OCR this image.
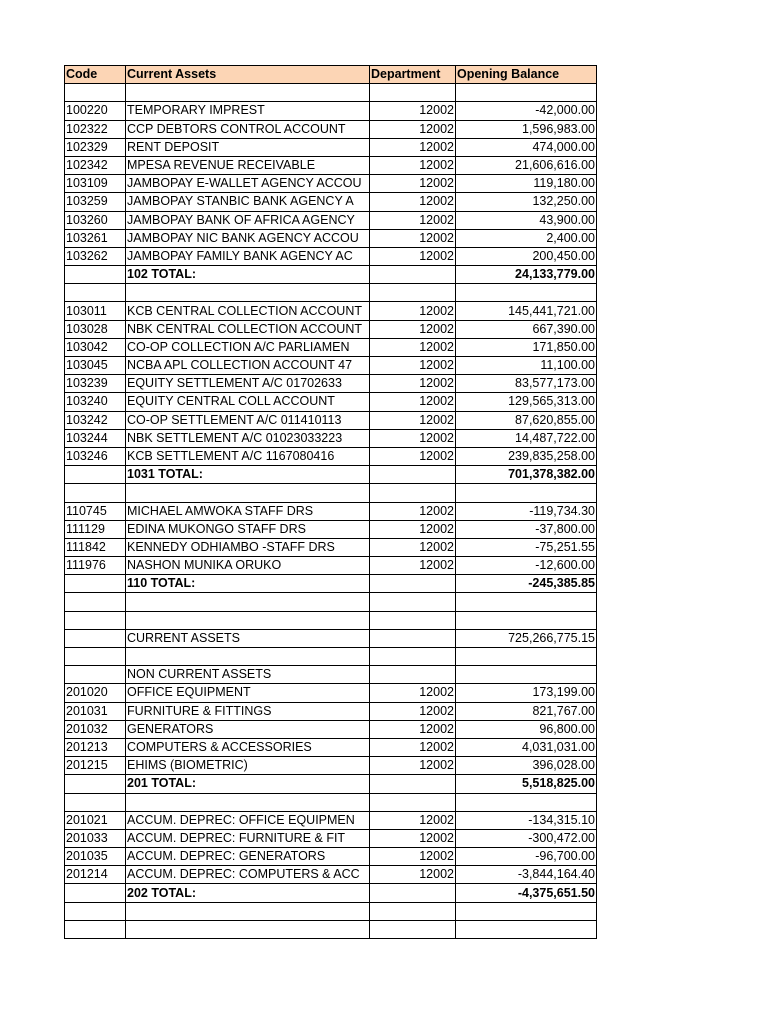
Code	Current Assets	Department	Opening Balance

100220	TEMPORARY IMPREST	12002	-42,000.00
102322	CCP DEBTORS CONTROL ACCOUNT	12002	1,596,983.00
102329	RENT DEPOSIT	12002	474,000.00
102342	MPESA REVENUE RECEIVABLE	12002	21,606,616.00
103109	JAMBOPAY E-WALLET AGENCY ACCOU	12002	119,180.00
103259	JAMBOPAY STANBIC BANK AGENCY A	12002	132,250.00
103260	JAMBOPAY BANK OF AFRICA AGENCY	12002	43,900.00
103261	JAMBOPAY NIC BANK AGENCY ACCOU	12002	2,400.00
103262	JAMBOPAY FAMILY BANK AGENCY AC	12002	200,450.00
	102 TOTAL:		24,133,779.00

103011	KCB CENTRAL COLLECTION ACCOUNT	12002	145,441,721.00
103028	NBK CENTRAL COLLECTION ACCOUNT	12002	667,390.00
103042	CO-OP COLLECTION A/C PARLIAMEN	12002	171,850.00
103045	NCBA APL COLLECTION ACCOUNT 47	12002	11,100.00
103239	EQUITY SETTLEMENT A/C 01702633	12002	83,577,173.00
103240	EQUITY CENTRAL COLL ACCOUNT	12002	129,565,313.00
103242	CO-OP SETTLEMENT A/C 011410113	12002	87,620,855.00
103244	NBK SETTLEMENT A/C 01023033223	12002	14,487,722.00
103246	KCB SETTLEMENT A/C 1167080416	12002	239,835,258.00
	1031 TOTAL:		701,378,382.00

110745	MICHAEL AMWOKA STAFF DRS	12002	-119,734.30
111129	EDINA MUKONGO STAFF DRS	12002	-37,800.00
111842	KENNEDY ODHIAMBO -STAFF DRS	12002	-75,251.55
111976	NASHON MUNIKA ORUKO	12002	-12,600.00
	110 TOTAL:		-245,385.85

	CURRENT ASSETS		725,266,775.15

	NON CURRENT ASSETS		
201020	OFFICE EQUIPMENT	12002	173,199.00
201031	FURNITURE & FITTINGS	12002	821,767.00
201032	GENERATORS	12002	96,800.00
201213	COMPUTERS & ACCESSORIES	12002	4,031,031.00
201215	EHIMS (BIOMETRIC)	12002	396,028.00
	201 TOTAL:		5,518,825.00

201021	ACCUM. DEPREC: OFFICE EQUIPMEN	12002	-134,315.10
201033	ACCUM. DEPREC: FURNITURE & FIT	12002	-300,472.00
201035	ACCUM. DEPREC: GENERATORS	12002	-96,700.00
201214	ACCUM. DEPREC: COMPUTERS & ACC	12002	-3,844,164.40
	202 TOTAL:		-4,375,651.50
